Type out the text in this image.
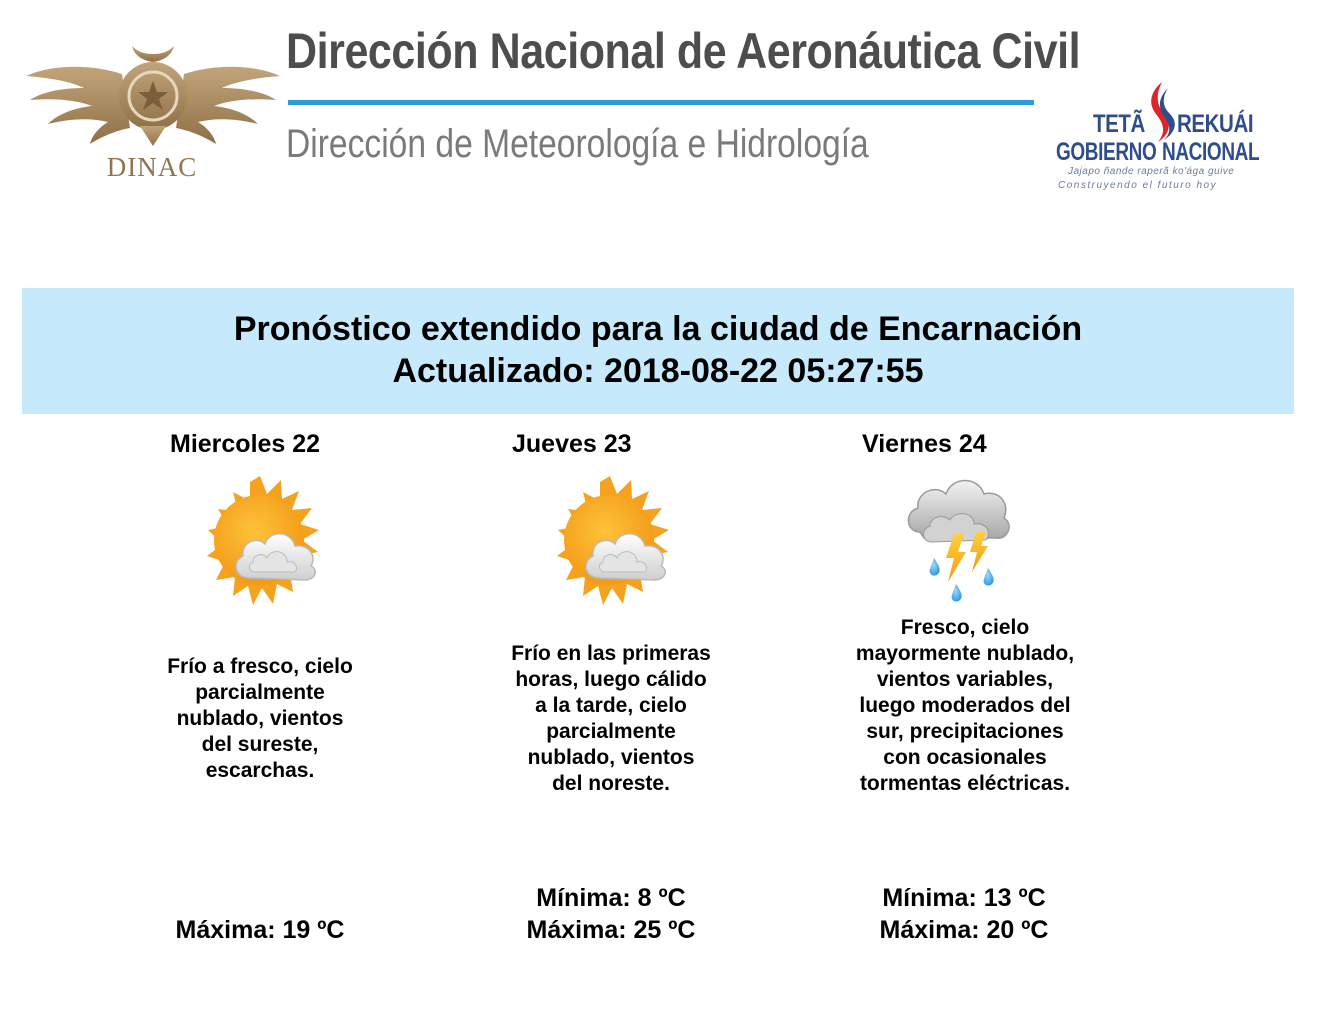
DINAC
Dirección Nacional de Aeronáutica Civil
Dirección de Meteorología e Hidrología	TETÃ REKUÁI
GOBIERNO NACIONAL
Jajapo ñande raperã ko'ága guive
Construyendo el futuro hoy
Pronóstico extendido para la ciudad de Encarnación
Actualizado: 2018-08-22 05:27:55
Miercoles 22
Frío a fresco, cielo parcialmente nublado, vientos del sureste, escarchas.
Máxima: 19 ºC
Jueves 23
Frío en las primeras horas, luego cálido a la tarde, cielo parcialmente nublado, vientos del noreste.
Mínima: 8 ºC
Máxima: 25 ºC
Viernes 24
Fresco, cielo mayormente nublado, vientos variables, luego moderados del sur, precipitaciones con ocasionales tormentas eléctricas.
Mínima: 13 ºC
Máxima: 20 ºC
